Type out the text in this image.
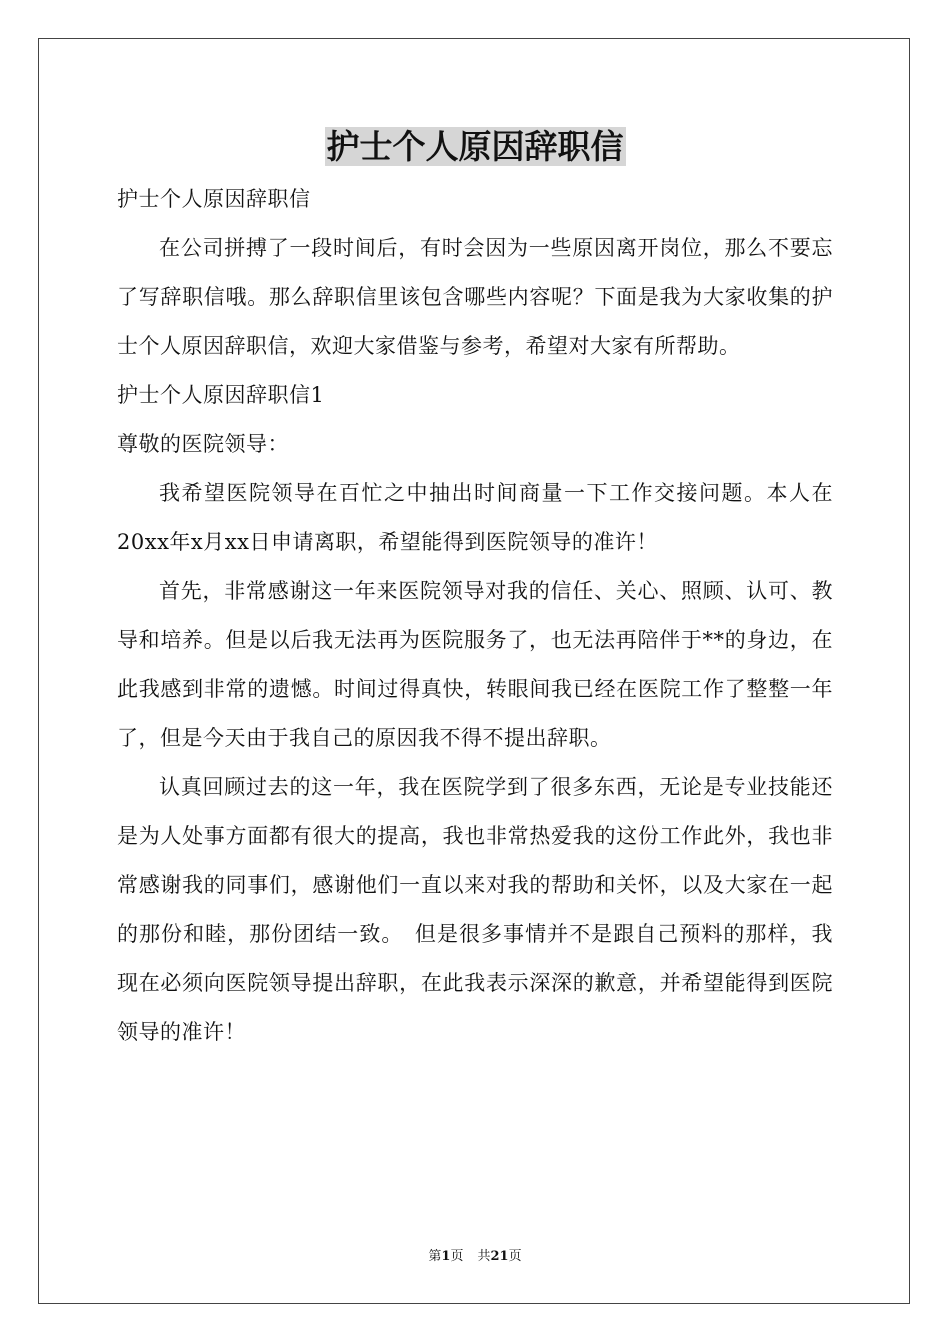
护士个人原因辞职信

护士个人原因辞职信

在公司拼搏了一段时间后，有时会因为一些原因离开岗位，那么不要忘了写辞职信哦。那么辞职信里该包含哪些内容呢？下面是我为大家收集的护士个人原因辞职信，欢迎大家借鉴与参考，希望对大家有所帮助。

护士个人原因辞职信1

尊敬的医院领导：

我希望医院领导在百忙之中抽出时间商量一下工作交接问题。本人在20xx年x月xx日申请离职，希望能得到医院领导的准许！

首先，非常感谢这一年来医院领导对我的信任、关心、照顾、认可、教导和培养。但是以后我无法再为医院服务了，也无法再陪伴于**的身边，在此我感到非常的遗憾。时间过得真快，转眼间我已经在医院工作了整整一年了，但是今天由于我自己的原因我不得不提出辞职。

认真回顾过去的这一年，我在医院学到了很多东西，无论是专业技能还是为人处事方面都有很大的提高，我也非常热爱我的这份工作此外，我也非常感谢我的同事们，感谢他们一直以来对我的帮助和关怀，以及大家在一起的那份和睦，那份团结一致。　但是很多事情并不是跟自己预料的那样，我现在必须向医院领导提出辞职，在此我表示深深的歉意，并希望能得到医院领导的准许！

第1页 共21页
